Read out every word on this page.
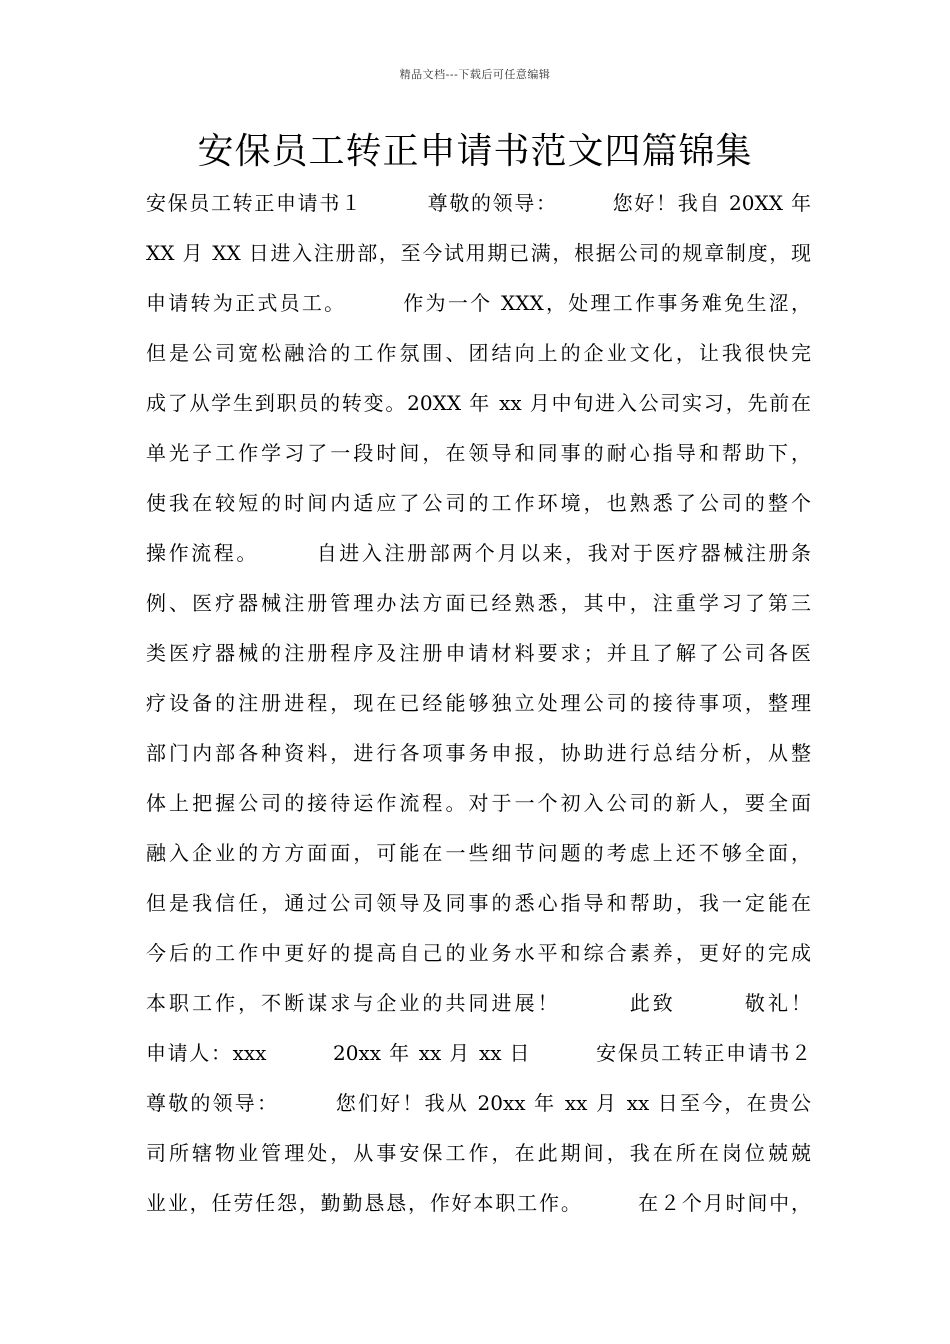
精品文档---下载后可任意编辑
安保员工转正申请书范文四篇锦集
安保员工转正申请书１　　　尊敬的领导：　　　您好！我自 20XX 年
XX 月 XX 日进入注册部，至今试用期已满，根据公司的规章制度，现
申请转为正式员工。　　　作为一个 XXX，处理工作事务难免生涩，
但是公司宽松融洽的工作氛围、团结向上的企业文化，让我很快完
成了从学生到职员的转变。20XX 年 xx 月中旬进入公司实习，先前在
单光子工作学习了一段时间，在领导和同事的耐心指导和帮助下，
使我在较短的时间内适应了公司的工作环境，也熟悉了公司的整个
操作流程。　　　自进入注册部两个月以来，我对于医疗器械注册条
例、医疗器械注册管理办法方面已经熟悉，其中，注重学习了第三
类医疗器械的注册程序及注册申请材料要求；并且了解了公司各医
疗设备的注册进程，现在已经能够独立处理公司的接待事项，整理
部门内部各种资料，进行各项事务申报，协助进行总结分析，从整
体上把握公司的接待运作流程。对于一个初入公司的新人，要全面
融入企业的方方面面，可能在一些细节问题的考虑上还不够全面，
但是我信任，通过公司领导及同事的悉心指导和帮助，我一定能在
今后的工作中更好的提高自己的业务水平和综合素养，更好的完成
本职工作，不断谋求与企业的共同进展！　　　此致　　　敬礼！
申请人：xxx　　　20xx 年 xx 月 xx 日　　　安保员工转正申请书２
尊敬的领导：　　　您们好！我从 20xx 年 xx 月 xx 日至今，在贵公
司所辖物业管理处，从事安保工作，在此期间，我在所在岗位兢兢
业业，任劳任怨，勤勤恳恳，作好本职工作。　　　在２个月时间中，
